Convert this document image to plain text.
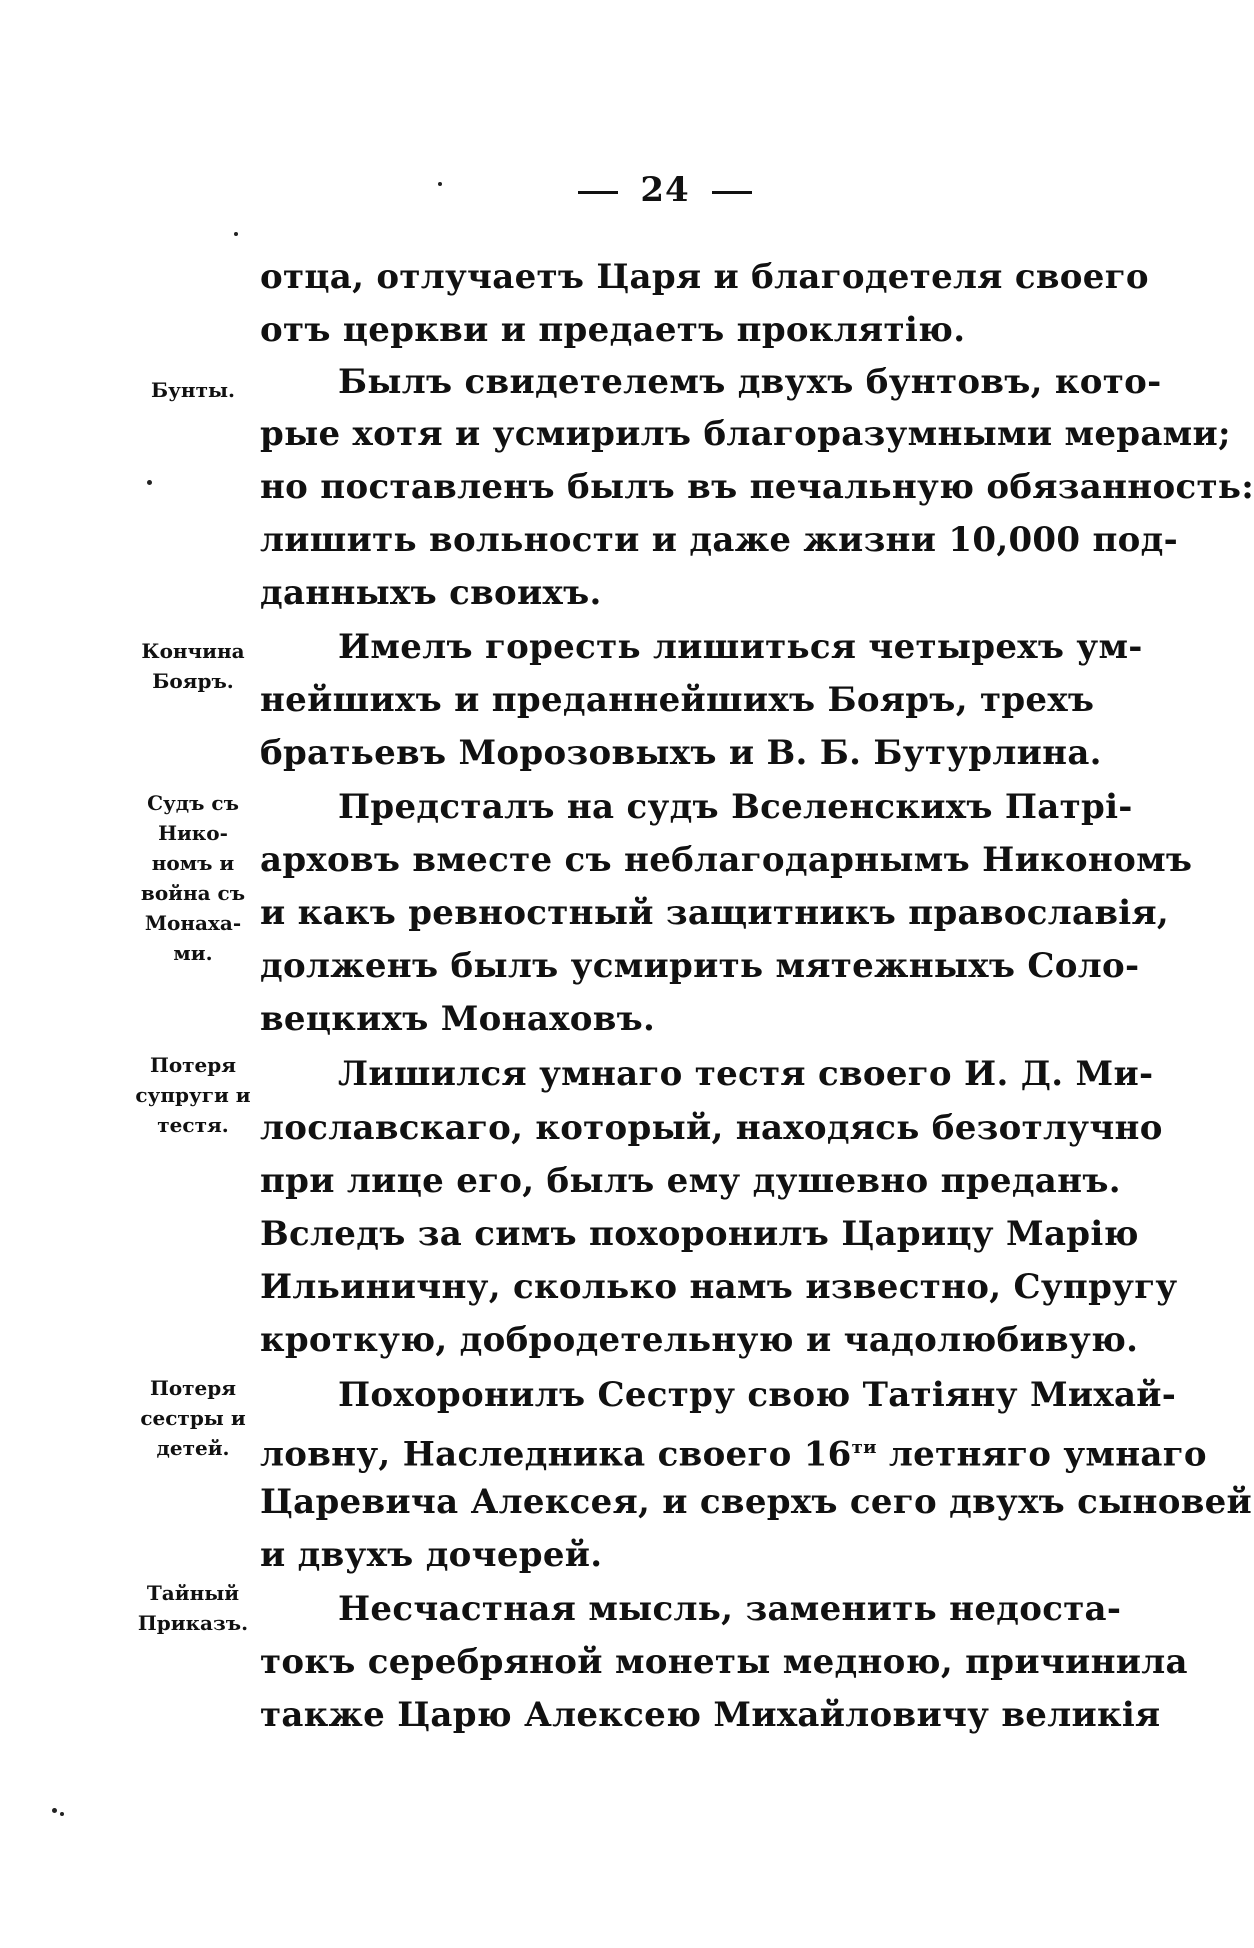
24
Бунты.
Кончина
Бояръ.
Судъ съ
Нико-
номъ и
война съ
Монаха-
ми.
Потеря
супруги и
тестя.
Потеря
сестры и
детей.
Тайный
Приказъ.
отца, отлучаетъ Царя и благодетеля своего
отъ церкви и предаетъ проклятію.
Былъ свидетелемъ двухъ бунтовъ, кото-
рые хотя и усмирилъ благоразумными мерами;
но поставленъ былъ въ печальную обязанность:
лишить вольности и даже жизни 10,000 под-
данныхъ своихъ.
Имелъ горесть лишиться четырехъ ум-
нейшихъ и преданнейшихъ Бояръ, трехъ
братьевъ Морозовыхъ и В. Б. Бутурлина.
Предсталъ на судъ Вселенскихъ Патрі-
арховъ вместе съ неблагодарнымъ Никономъ
и какъ ревностный защитникъ православія,
долженъ былъ усмирить мятежныхъ Соло-
вецкихъ Монаховъ.
Лишился умнаго тестя своего И. Д. Ми-
лославскаго, который, находясь безотлучно
при лице его, былъ ему душевно преданъ.
Вследъ за симъ похоронилъ Царицу Марію
Ильиничну, сколько намъ известно, Супругу
кроткую, добродетельную и чадолюбивую.
Похоронилъ Сестру свою Татіяну Михай-
ловну, Наследника своего $16^{ти}$ летняго умнаго
Царевича Алексея, и сверхъ сего двухъ сыновей
и двухъ дочерей.
Несчастная мысль, заменить недоста-
токъ серебряной монеты медною, причинила
также Царю Алексею Михайловичу великія
